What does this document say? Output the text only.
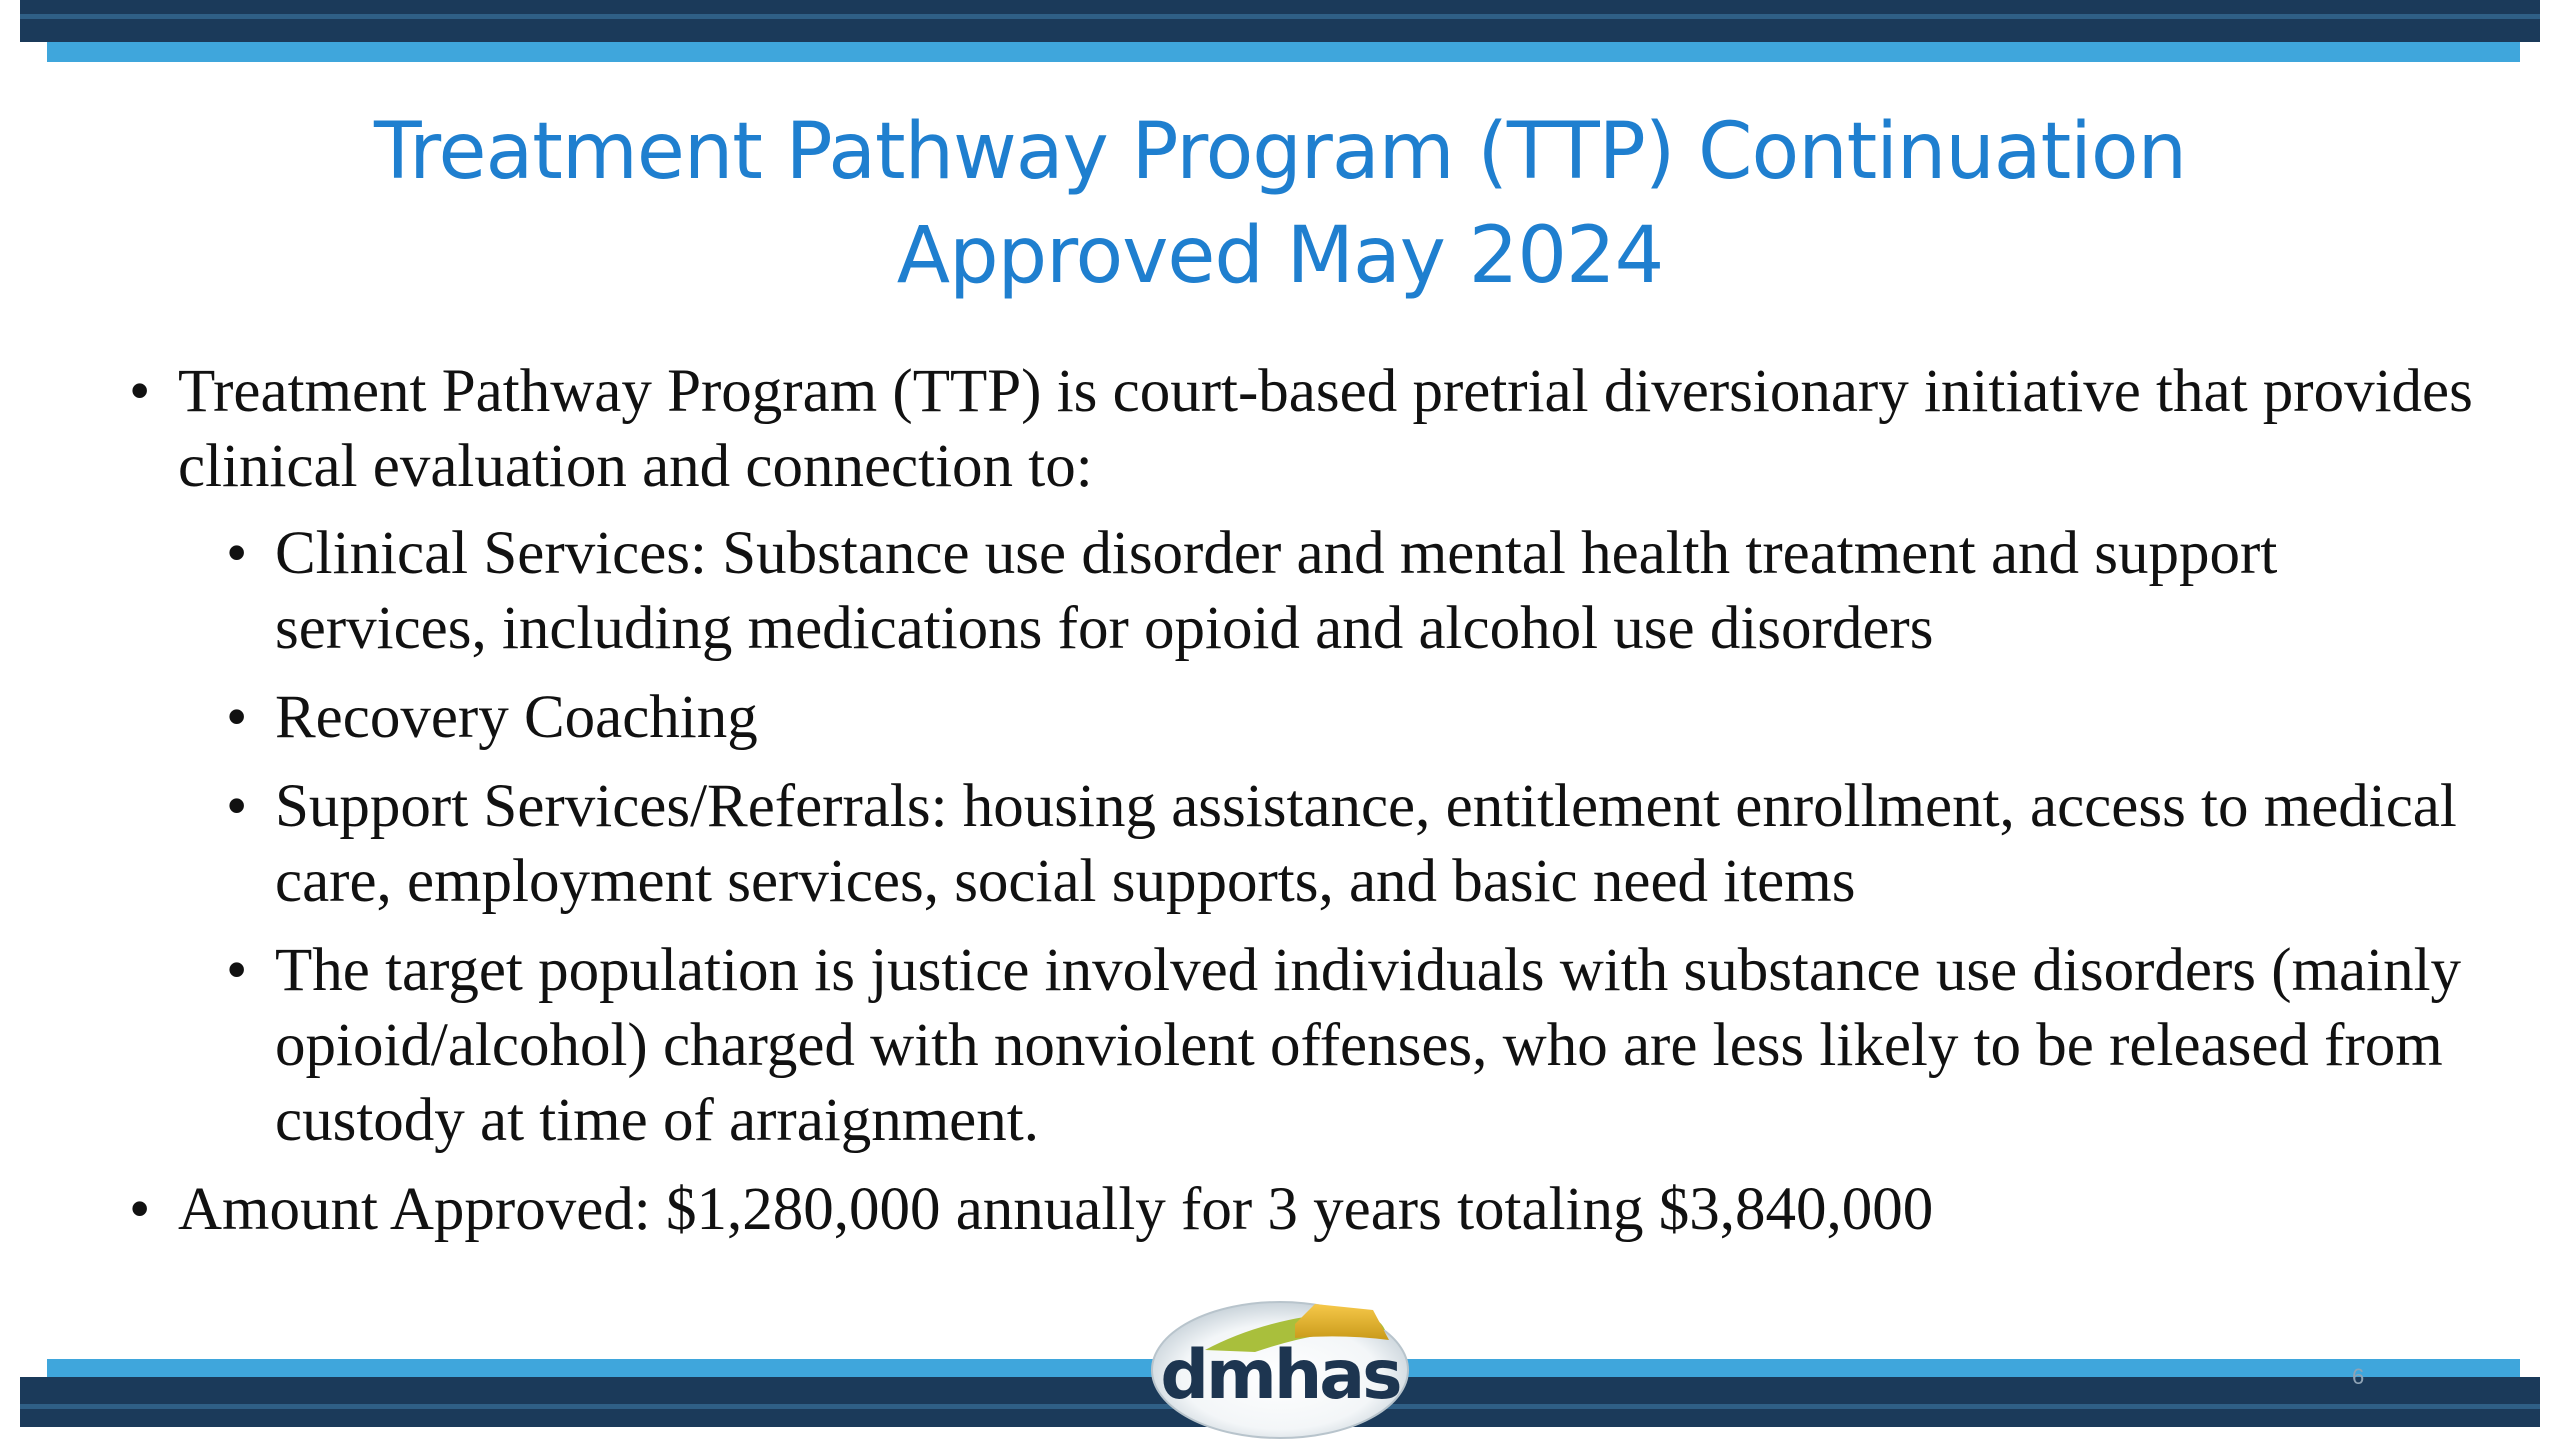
Treatment Pathway Program (TTP) Continuation
Approved May 2024

• Treatment Pathway Program (TTP) is court-based pretrial diversionary initiative that provides clinical evaluation and connection to:

• Clinical Services: Substance use disorder and mental health treatment and support services, including medications for opioid and alcohol use disorders

• Recovery Coaching

• Support Services/Referrals: housing assistance, entitlement enrollment, access to medical care, employment services, social supports, and basic need items

• The target population is justice involved individuals with substance use disorders (mainly opioid/alcohol) charged with nonviolent offenses, who are less likely to be released from custody at time of arraignment.

• Amount Approved: $1,280,000 annually for 3 years totaling $3,840,000

dmhas	6
